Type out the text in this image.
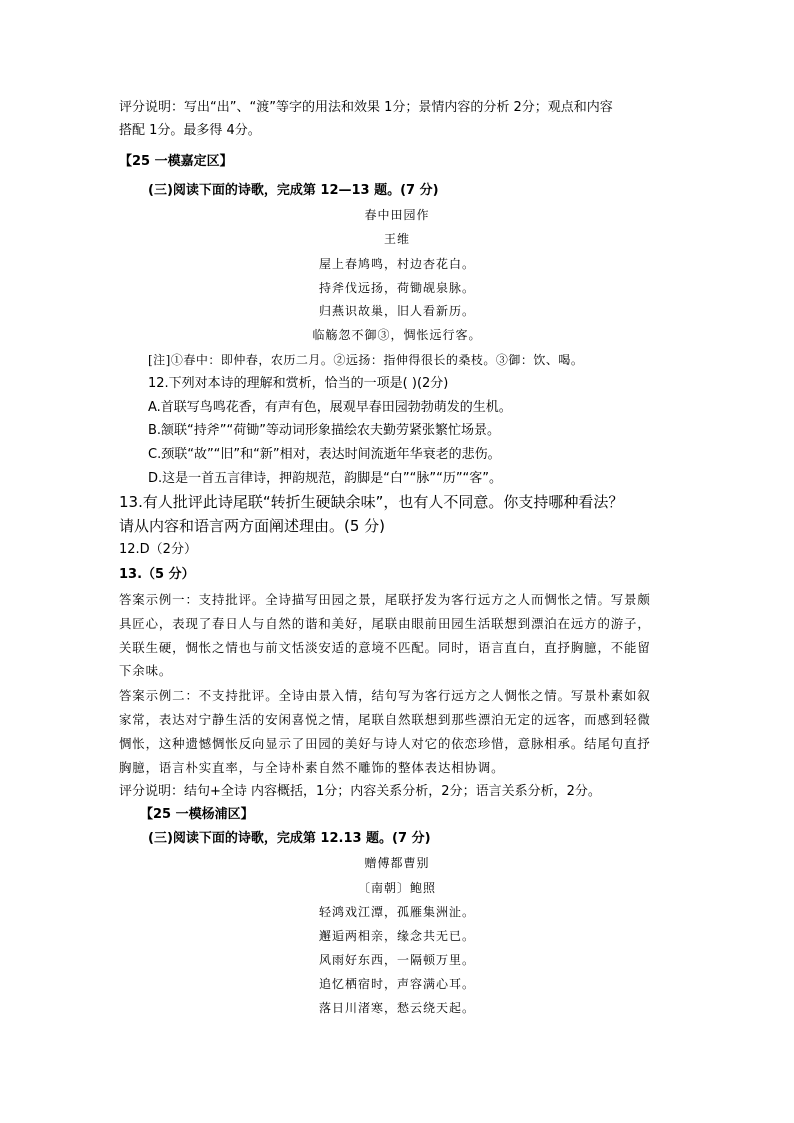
评分说明：写出“出”、“渡”等字的用法和效果 1分；景情内容的分析 2分；观点和内容
搭配 1分。最多得 4分。
【25 一模嘉定区】
(三)阅读下面的诗歌，完成第 12—13 题。(7 分)
春中田园作
王维
屋上春鸠鸣，村边杏花白。
持斧伐远扬，荷锄觇泉脉。
归燕识故巢，旧人看新历。
临觞忽不御③，惆怅远行客。
[注]①春中：即仲春，农历二月。②远扬：指伸得很长的桑枝。③御：饮、喝。
12.下列对本诗的理解和赏析，恰当的一项是( )(2分)
A.首联写鸟鸣花香，有声有色，展观早春田园勃勃萌发的生机。
B.颔联“持斧”“荷锄”等动词形象描绘农夫勤劳紧张繁忙场景。
C.颈联“故”“旧”和“新”相对，表达时间流逝年华衰老的悲伤。
D.这是一首五言律诗，押韵规范，韵脚是“白”“脉”“历”“客”。
13.有人批评此诗尾联“转折生硬缺余味”，也有人不同意。你支持哪种看法？
请从内容和语言两方面阐述理由。(5 分)
12.D（2分）
13.（5 分）
答案示例一：支持批评。全诗描写田园之景，尾联抒发为客行远方之人而惆怅之情。写景颇
具匠心，表现了春日人与自然的谐和美好，尾联由眼前田园生活联想到漂泊在远方的游子，
关联生硬，惆怅之情也与前文恬淡安适的意境不匹配。同时，语言直白，直抒胸臆，不能留
下余味。
答案示例二：不支持批评。全诗由景入情，结句写为客行远方之人惆怅之情。写景朴素如叙
家常，表达对宁静生活的安闲喜悦之情，尾联自然联想到那些漂泊无定的远客，而感到轻微
惆怅，这种遗憾惆怅反向显示了田园的美好与诗人对它的依恋珍惜，意脉相承。结尾句直抒
胸臆，语言朴实直率，与全诗朴素自然不雕饰的整体表达相协调。
评分说明：结句+全诗 内容概括，1分；内容关系分析，2分；语言关系分析，2分。
【25 一模杨浦区】
(三)阅读下面的诗歌，完成第 12.13 题。(7 分)
赠傅都曹别
〔南朝〕鲍照
轻鸿戏江潭，孤雁集洲沚。
邂逅两相亲，缘念共无已。
风雨好东西，一隔顿万里。
追忆栖宿时，声容满心耳。
落日川渚寒，愁云绕天起。
